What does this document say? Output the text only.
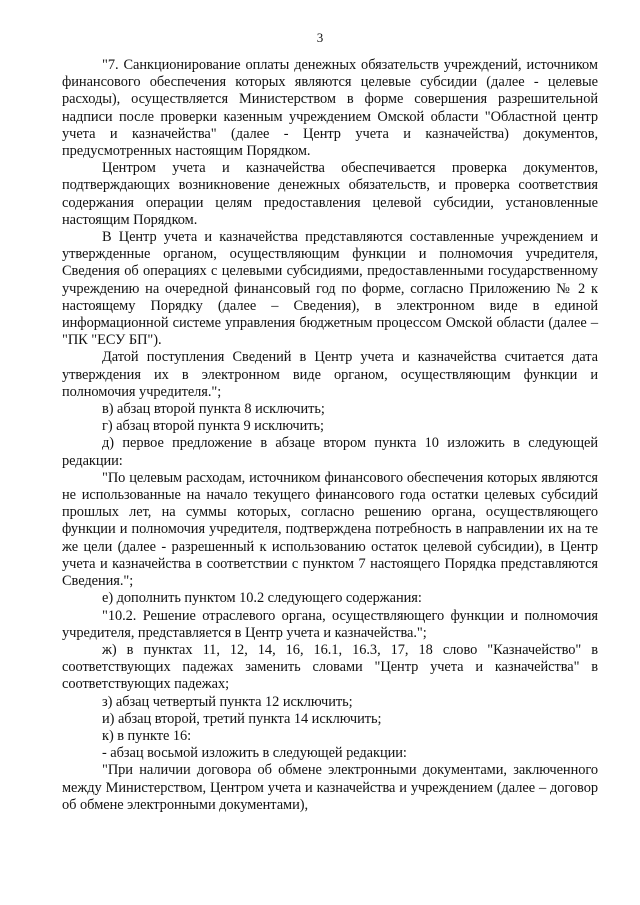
3

"7. Санкционирование оплаты денежных обязательств учреждений, источником финансового обеспечения которых являются целевые субсидии (далее - целевые расходы), осуществляется Министерством в форме совершения разрешительной надписи после проверки казенным учреждением Омской области "Областной центр учета и казначейства" (далее - Центр учета и казначейства) документов, предусмотренных настоящим Порядком.

Центром учета и казначейства обеспечивается проверка документов, подтверждающих возникновение денежных обязательств, и проверка соответствия содержания операции целям предоставления целевой субсидии, установленные настоящим Порядком.

В Центр учета и казначейства представляются составленные учреждением и утвержденные органом, осуществляющим функции и полномочия учредителя, Сведения об операциях с целевыми субсидиями, предоставленными государственному учреждению на очередной финансовый год по форме, согласно Приложению № 2 к настоящему Порядку (далее – Сведения), в электронном виде в единой информационной системе управления бюджетным процессом Омской области (далее – "ПК "ЕСУ БП").

Датой поступления Сведений в Центр учета и казначейства считается дата утверждения их в электронном виде органом, осуществляющим функции и полномочия учредителя.";

в) абзац второй пункта 8 исключить;

г) абзац второй пункта 9 исключить;

д) первое предложение в абзаце втором пункта 10 изложить в следующей редакции:

"По целевым расходам, источником финансового обеспечения которых являются не использованные на начало текущего финансового года остатки целевых субсидий прошлых лет, на суммы которых, согласно решению органа, осуществляющего функции и полномочия учредителя, подтверждена потребность в направлении их на те же цели (далее - разрешенный к использованию остаток целевой субсидии), в Центр учета и казначейства в соответствии с пунктом 7 настоящего Порядка представляются Сведения.";

е) дополнить пунктом 10.2 следующего содержания:

"10.2. Решение отраслевого органа, осуществляющего функции и полномочия учредителя, представляется в Центр учета и казначейства.";

ж) в пунктах 11, 12, 14, 16, 16.1, 16.3, 17, 18 слово "Казначейство" в соответствующих падежах заменить словами "Центр учета и казначейства" в соответствующих падежах;

з) абзац четвертый пункта 12 исключить;

и) абзац второй, третий пункта 14 исключить;

к) в пункте 16:

- абзац восьмой изложить в следующей редакции:

"При наличии договора об обмене электронными документами, заключенного между Министерством, Центром учета и казначейства и учреждением (далее – договор об обмене электронными документами),
